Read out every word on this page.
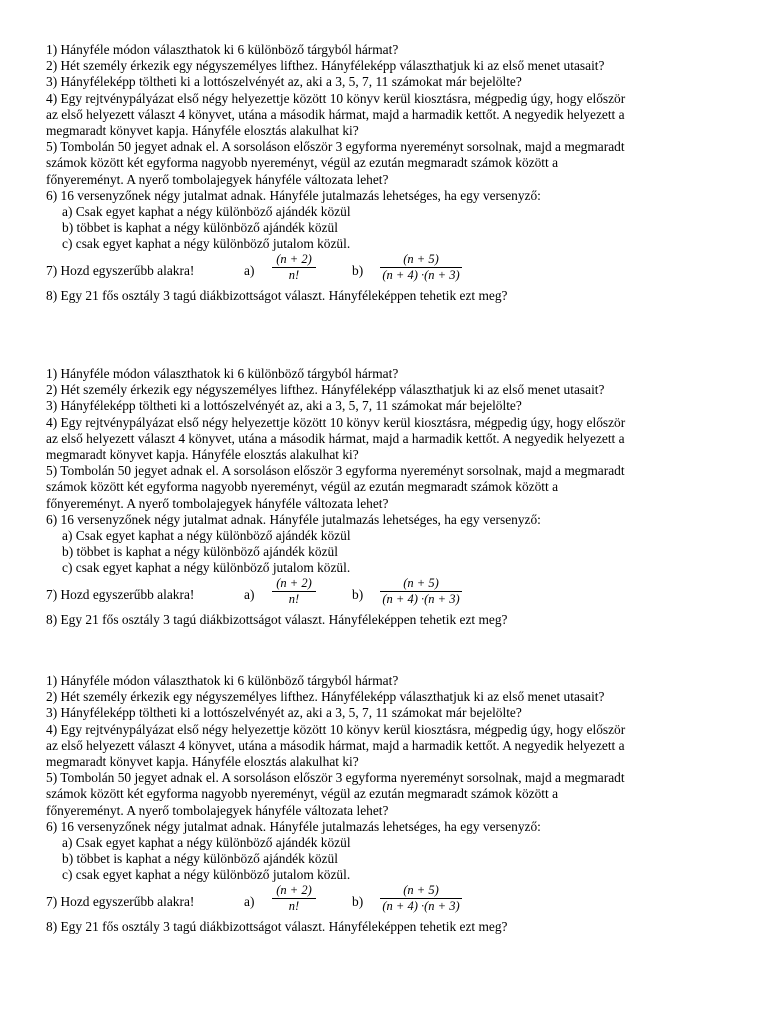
1) Hányféle módon választhatok ki 6 különböző tárgyból hármat?
2) Hét személy érkezik egy négyszemélyes lifthez. Hányféleképp választhatjuk ki az első menet utasait?
3) Hányféleképp töltheti ki a lottószelvényét az, aki a 3, 5, 7, 11 számokat már bejelölte?
4) Egy rejtvénypályázat első négy helyezettje között 10 könyv kerül kiosztásra, mégpedig úgy, hogy először
az első helyezett választ 4 könyvet, utána a második hármat, majd a harmadik kettőt. A negyedik helyezett a
megmaradt könyvet kapja. Hányféle elosztás alakulhat ki?
5) Tombolán 50 jegyet adnak el. A sorsoláson először 3 egyforma nyereményt sorsolnak, majd a megmaradt
számok között két egyforma nagyobb nyereményt, végül az ezután megmaradt számok között a
főnyereményt. A nyerő tombolajegyek hányféle változata lehet?
6) 16 versenyzőnek négy jutalmat adnak. Hányféle jutalmazás lehetséges, ha egy versenyző:
a) Csak egyet kaphat a négy különböző ajándék közül
b) többet is kaphat a négy különböző ajándék közül
c) csak egyet kaphat a négy különböző jutalom közül.
7) Hozd egyszerűbb alakra!	a)
(n + 2)
n!	b)
(n + 5)
(n + 4) ·(n + 3)
8) Egy 21 fős osztály 3 tagú diákbizottságot választ. Hányféleképpen tehetik ezt meg?
1) Hányféle módon választhatok ki 6 különböző tárgyból hármat?
2) Hét személy érkezik egy négyszemélyes lifthez. Hányféleképp választhatjuk ki az első menet utasait?
3) Hányféleképp töltheti ki a lottószelvényét az, aki a 3, 5, 7, 11 számokat már bejelölte?
4) Egy rejtvénypályázat első négy helyezettje között 10 könyv kerül kiosztásra, mégpedig úgy, hogy először
az első helyezett választ 4 könyvet, utána a második hármat, majd a harmadik kettőt. A negyedik helyezett a
megmaradt könyvet kapja. Hányféle elosztás alakulhat ki?
5) Tombolán 50 jegyet adnak el. A sorsoláson először 3 egyforma nyereményt sorsolnak, majd a megmaradt
számok között két egyforma nagyobb nyereményt, végül az ezután megmaradt számok között a
főnyereményt. A nyerő tombolajegyek hányféle változata lehet?
6) 16 versenyzőnek négy jutalmat adnak. Hányféle jutalmazás lehetséges, ha egy versenyző:
a) Csak egyet kaphat a négy különböző ajándék közül
b) többet is kaphat a négy különböző ajándék közül
c) csak egyet kaphat a négy különböző jutalom közül.
7) Hozd egyszerűbb alakra!	a)
(n + 2)
n!	b)
(n + 5)
(n + 4) ·(n + 3)
8) Egy 21 fős osztály 3 tagú diákbizottságot választ. Hányféleképpen tehetik ezt meg?
1) Hányféle módon választhatok ki 6 különböző tárgyból hármat?
2) Hét személy érkezik egy négyszemélyes lifthez. Hányféleképp választhatjuk ki az első menet utasait?
3) Hányféleképp töltheti ki a lottószelvényét az, aki a 3, 5, 7, 11 számokat már bejelölte?
4) Egy rejtvénypályázat első négy helyezettje között 10 könyv kerül kiosztásra, mégpedig úgy, hogy először
az első helyezett választ 4 könyvet, utána a második hármat, majd a harmadik kettőt. A negyedik helyezett a
megmaradt könyvet kapja. Hányféle elosztás alakulhat ki?
5) Tombolán 50 jegyet adnak el. A sorsoláson először 3 egyforma nyereményt sorsolnak, majd a megmaradt
számok között két egyforma nagyobb nyereményt, végül az ezután megmaradt számok között a
főnyereményt. A nyerő tombolajegyek hányféle változata lehet?
6) 16 versenyzőnek négy jutalmat adnak. Hányféle jutalmazás lehetséges, ha egy versenyző:
a) Csak egyet kaphat a négy különböző ajándék közül
b) többet is kaphat a négy különböző ajándék közül
c) csak egyet kaphat a négy különböző jutalom közül.
7) Hozd egyszerűbb alakra!	a)
(n + 2)
n!	b)
(n + 5)
(n + 4) ·(n + 3)
8) Egy 21 fős osztály 3 tagú diákbizottságot választ. Hányféleképpen tehetik ezt meg?
